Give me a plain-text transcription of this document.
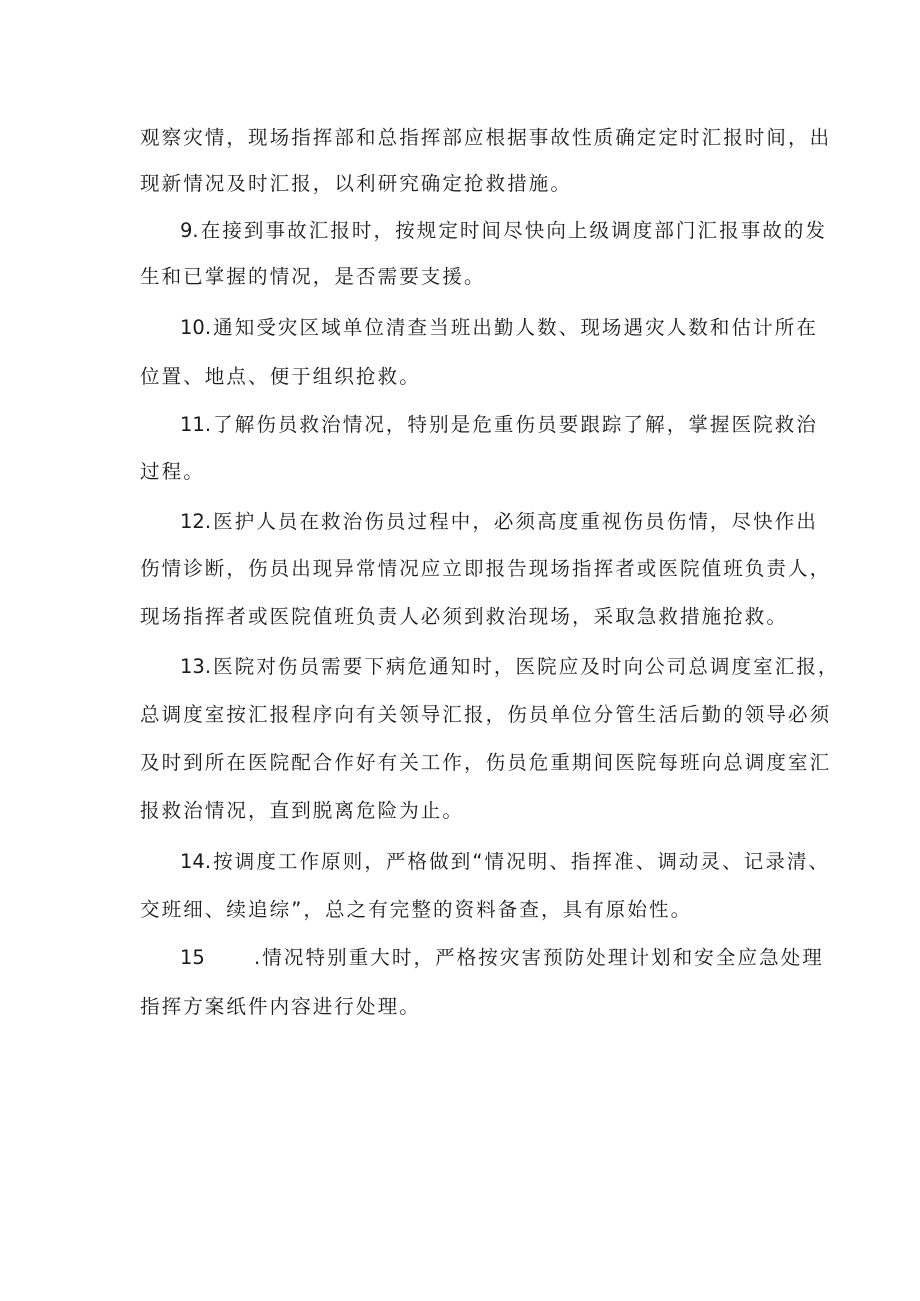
观察灾情，现场指挥部和总指挥部应根据事故性质确定定时汇报时间，出
现新情况及时汇报，以利研究确定抢救措施。
9.在接到事故汇报时，按规定时间尽快向上级调度部门汇报事故的发
生和已掌握的情况，是否需要支援。
10.通知受灾区域单位清查当班出勤人数、现场遇灾人数和估计所在
位置、地点、便于组织抢救。
11.了解伤员救治情况，特别是危重伤员要跟踪了解，掌握医院救治
过程。
12.医护人员在救治伤员过程中，必须高度重视伤员伤情，尽快作出
伤情诊断，伤员出现异常情况应立即报告现场指挥者或医院值班负责人，
现场指挥者或医院值班负责人必须到救治现场，采取急救措施抢救。
13.医院对伤员需要下病危通知时，医院应及时向公司总调度室汇报，
总调度室按汇报程序向有关领导汇报，伤员单位分管生活后勤的领导必须
及时到所在医院配合作好有关工作，伤员危重期间医院每班向总调度室汇
报救治情况，直到脱离危险为止。
14.按调度工作原则，严格做到“情况明、指挥准、调动灵、记录清、
交班细、续追综”，总之有完整的资料备查，具有原始性。
15	.情况特别重大时，严格按灾害预防处理计划和安全应急处理
指挥方案纸件内容进行处理。
